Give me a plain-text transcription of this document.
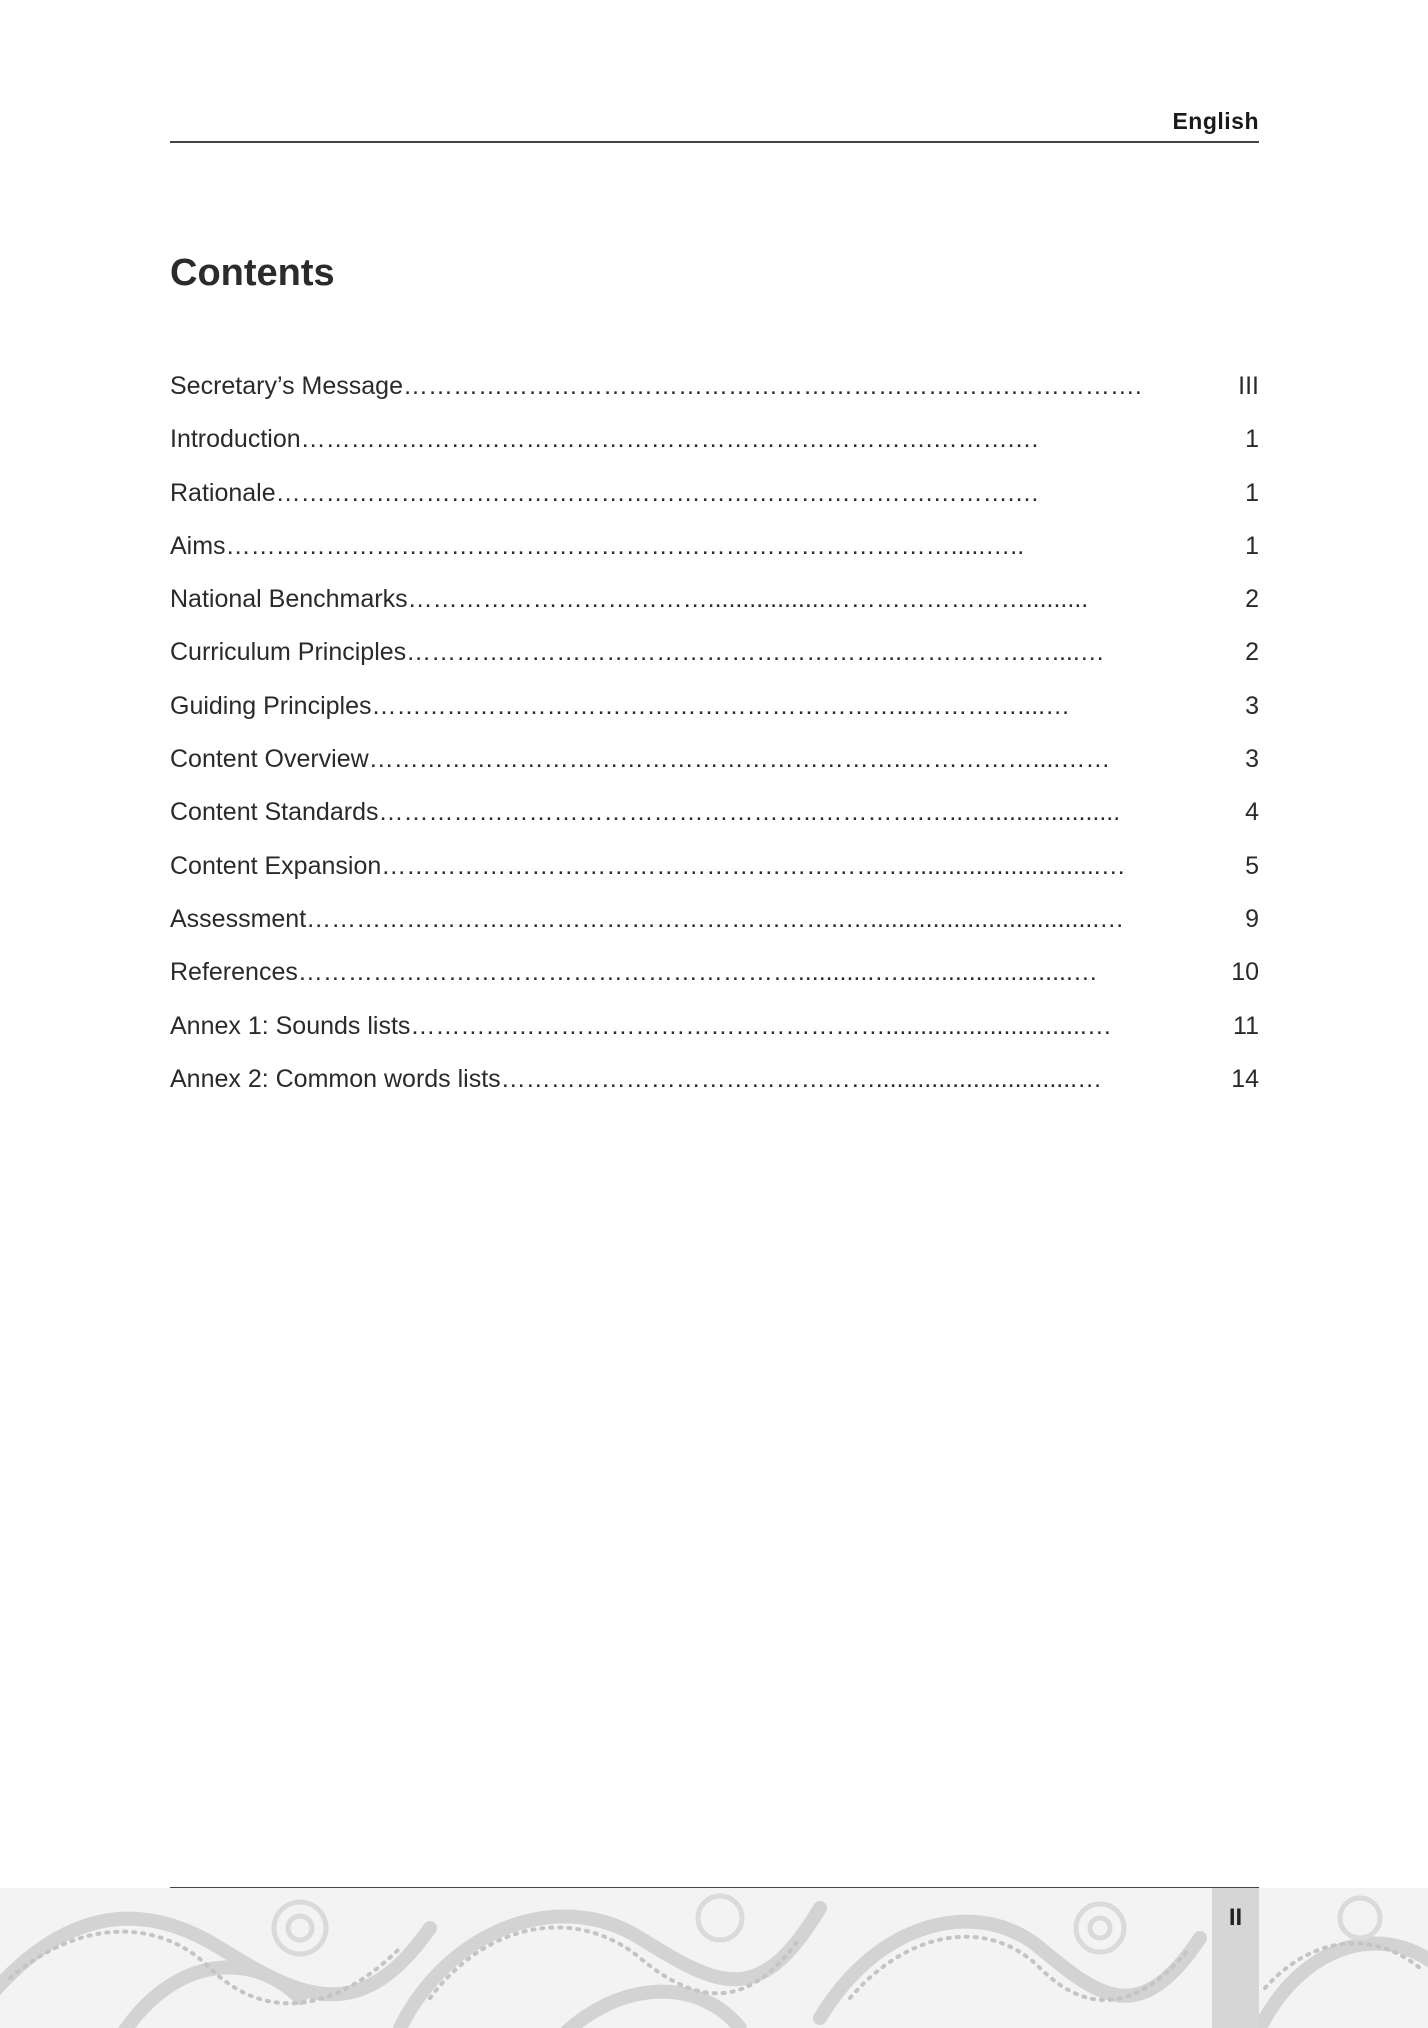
English
Contents
Secretary’s Message ……………………………………………………………….…………….	III
Introduction ………………………………………………………………….……….…	1
Rationale …………………………………………………………………….……….…	1
Aims …………………………………………………………………………….....…..	1
National Benchmarks ……………………………….................…………………….........	2
Curriculum Principles …………………………………………………...………………....…	2
Guiding Principles ………………………………………………………...…………....…	3
Content Overview ………………………………………………………..……………....……	3
Content Standards ……………………………………………..………….…..…...................	4
Content Expansion …………………………………………………….…...........................…	5
Assessment ………………………………………………………..….................................…	9
References ……………………………………………………...........….........................…	10
Annex 1: Sounds lists ………………………………………………….............................…	11
Annex 2: Common words lists ……………………………………….............................…	14
II
